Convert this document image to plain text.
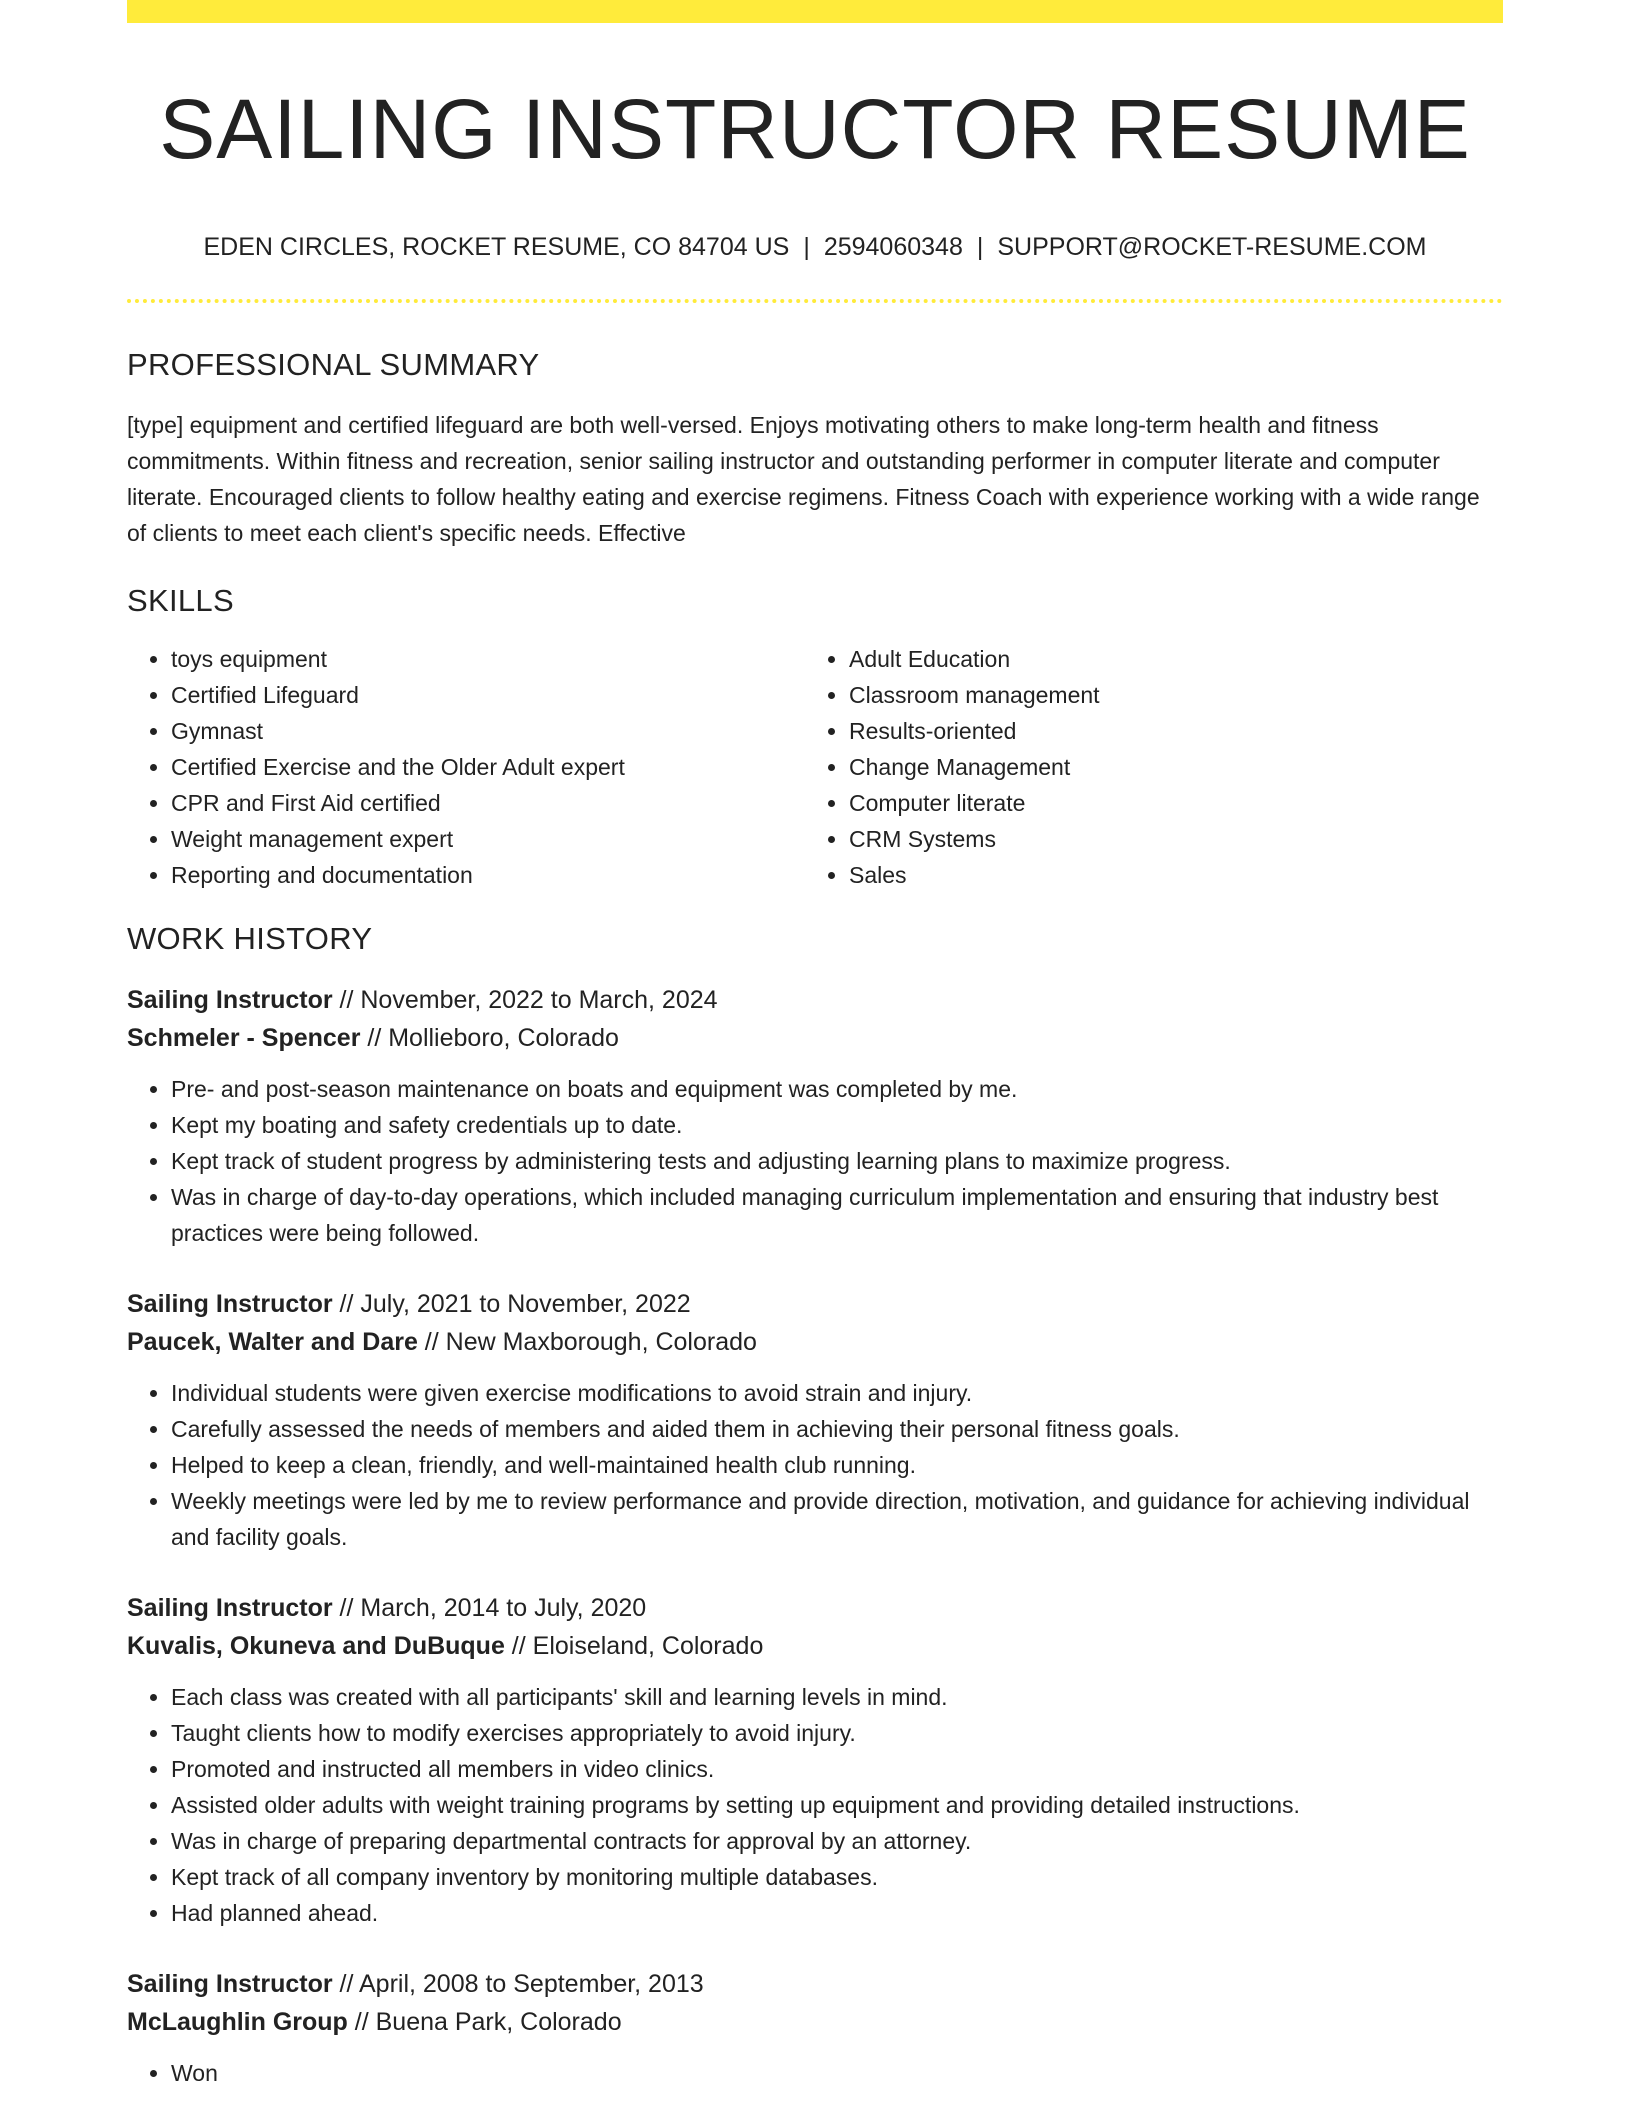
SAILING INSTRUCTOR RESUME
EDEN CIRCLES, ROCKET RESUME, CO 84704 US | 2594060348 | SUPPORT@ROCKET-RESUME.COM
PROFESSIONAL SUMMARY
[type] equipment and certified lifeguard are both well-versed. Enjoys motivating others to make long-term health and fitness commitments. Within fitness and recreation, senior sailing instructor and outstanding performer in computer literate and computer literate. Encouraged clients to follow healthy eating and exercise regimens. Fitness Coach with experience working with a wide range of clients to meet each client's specific needs. Effective
SKILLS
• toys equipment
• Certified Lifeguard
• Gymnast
• Certified Exercise and the Older Adult expert
• CPR and First Aid certified
• Weight management expert
• Reporting and documentation
• Adult Education
• Classroom management
• Results-oriented
• Change Management
• Computer literate
• CRM Systems
• Sales
WORK HISTORY
Sailing Instructor // November, 2022 to March, 2024
Schmeler - Spencer // Mollieboro, Colorado
• Pre- and post-season maintenance on boats and equipment was completed by me.
• Kept my boating and safety credentials up to date.
• Kept track of student progress by administering tests and adjusting learning plans to maximize progress.
• Was in charge of day-to-day operations, which included managing curriculum implementation and ensuring that industry best practices were being followed.
Sailing Instructor // July, 2021 to November, 2022
Paucek, Walter and Dare // New Maxborough, Colorado
• Individual students were given exercise modifications to avoid strain and injury.
• Carefully assessed the needs of members and aided them in achieving their personal fitness goals.
• Helped to keep a clean, friendly, and well-maintained health club running.
• Weekly meetings were led by me to review performance and provide direction, motivation, and guidance for achieving individual and facility goals.
Sailing Instructor // March, 2014 to July, 2020
Kuvalis, Okuneva and DuBuque // Eloiseland, Colorado
• Each class was created with all participants' skill and learning levels in mind.
• Taught clients how to modify exercises appropriately to avoid injury.
• Promoted and instructed all members in video clinics.
• Assisted older adults with weight training programs by setting up equipment and providing detailed instructions.
• Was in charge of preparing departmental contracts for approval by an attorney.
• Kept track of all company inventory by monitoring multiple databases.
• Had planned ahead.
Sailing Instructor // April, 2008 to September, 2013
McLaughlin Group // Buena Park, Colorado
• Won
